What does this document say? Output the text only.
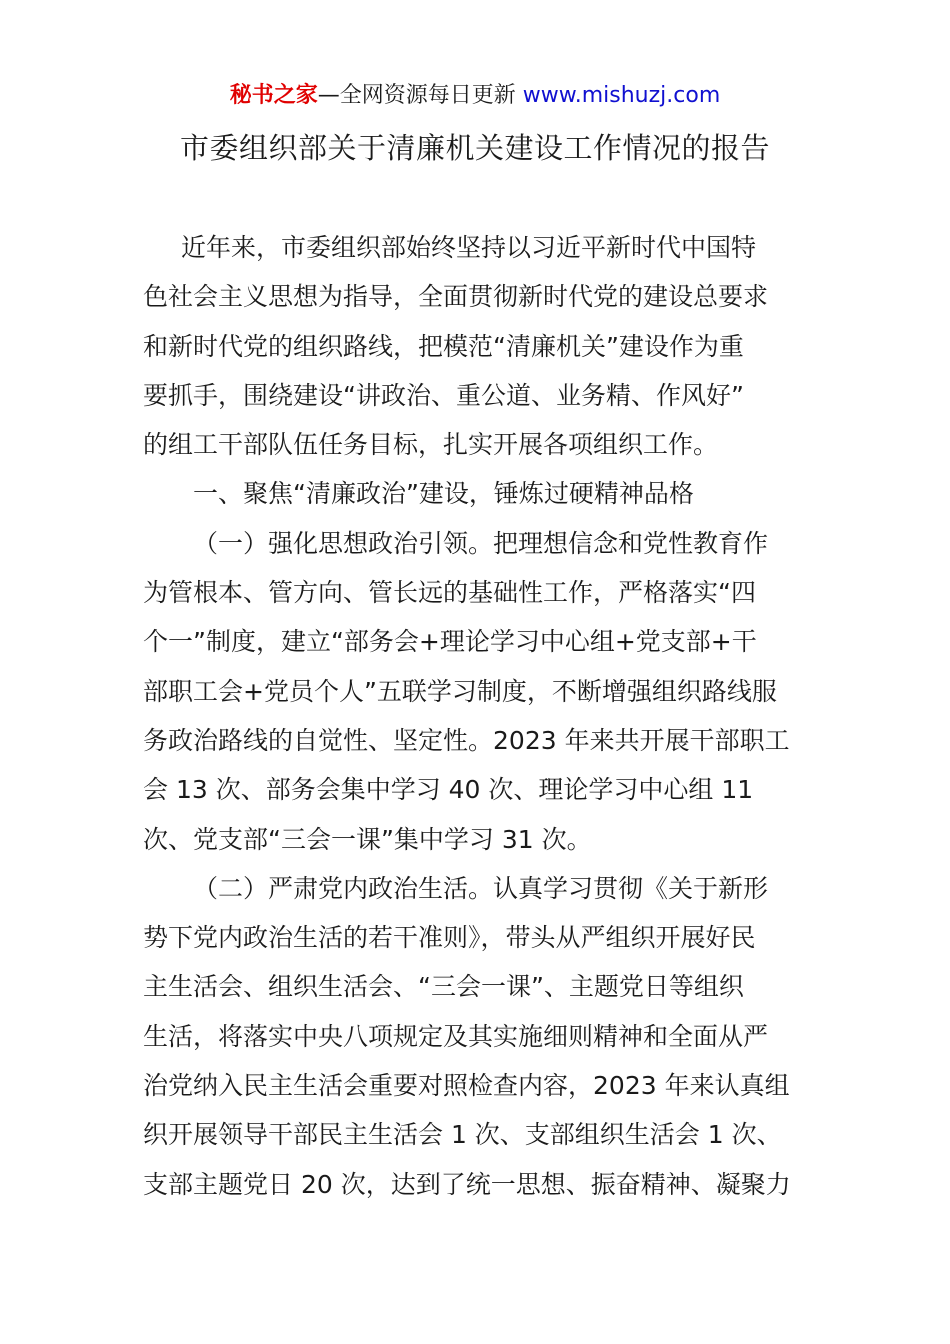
秘书之家—全网资源每日更新 www.mishuzj.com
市委组织部关于清廉机关建设工作情况的报告
近年来，市委组织部始终坚持以习近平新时代中国特
色社会主义思想为指导，全面贯彻新时代党的建设总要求
和新时代党的组织路线，把模范“清廉机关”建设作为重
要抓手，围绕建设“讲政治、重公道、业务精、作风好”
的组工干部队伍任务目标，扎实开展各项组织工作。
一、聚焦“清廉政治”建设，锤炼过硬精神品格
（一）强化思想政治引领。把理想信念和党性教育作
为管根本、管方向、管长远的基础性工作，严格落实“四
个一”制度，建立“部务会+理论学习中心组+党支部+干
部职工会+党员个人”五联学习制度，不断增强组织路线服
务政治路线的自觉性、坚定性。2023 年来共开展干部职工
会 13 次、部务会集中学习 40 次、理论学习中心组 11
次、党支部“三会一课”集中学习 31 次。
（二）严肃党内政治生活。认真学习贯彻《关于新形
势下党内政治生活的若干准则》，带头从严组织开展好民
主生活会、组织生活会、“三会一课”、主题党日等组织
生活，将落实中央八项规定及其实施细则精神和全面从严
治党纳入民主生活会重要对照检查内容，2023 年来认真组
织开展领导干部民主生活会 1 次、支部组织生活会 1 次、
支部主题党日 20 次，达到了统一思想、振奋精神、凝聚力
